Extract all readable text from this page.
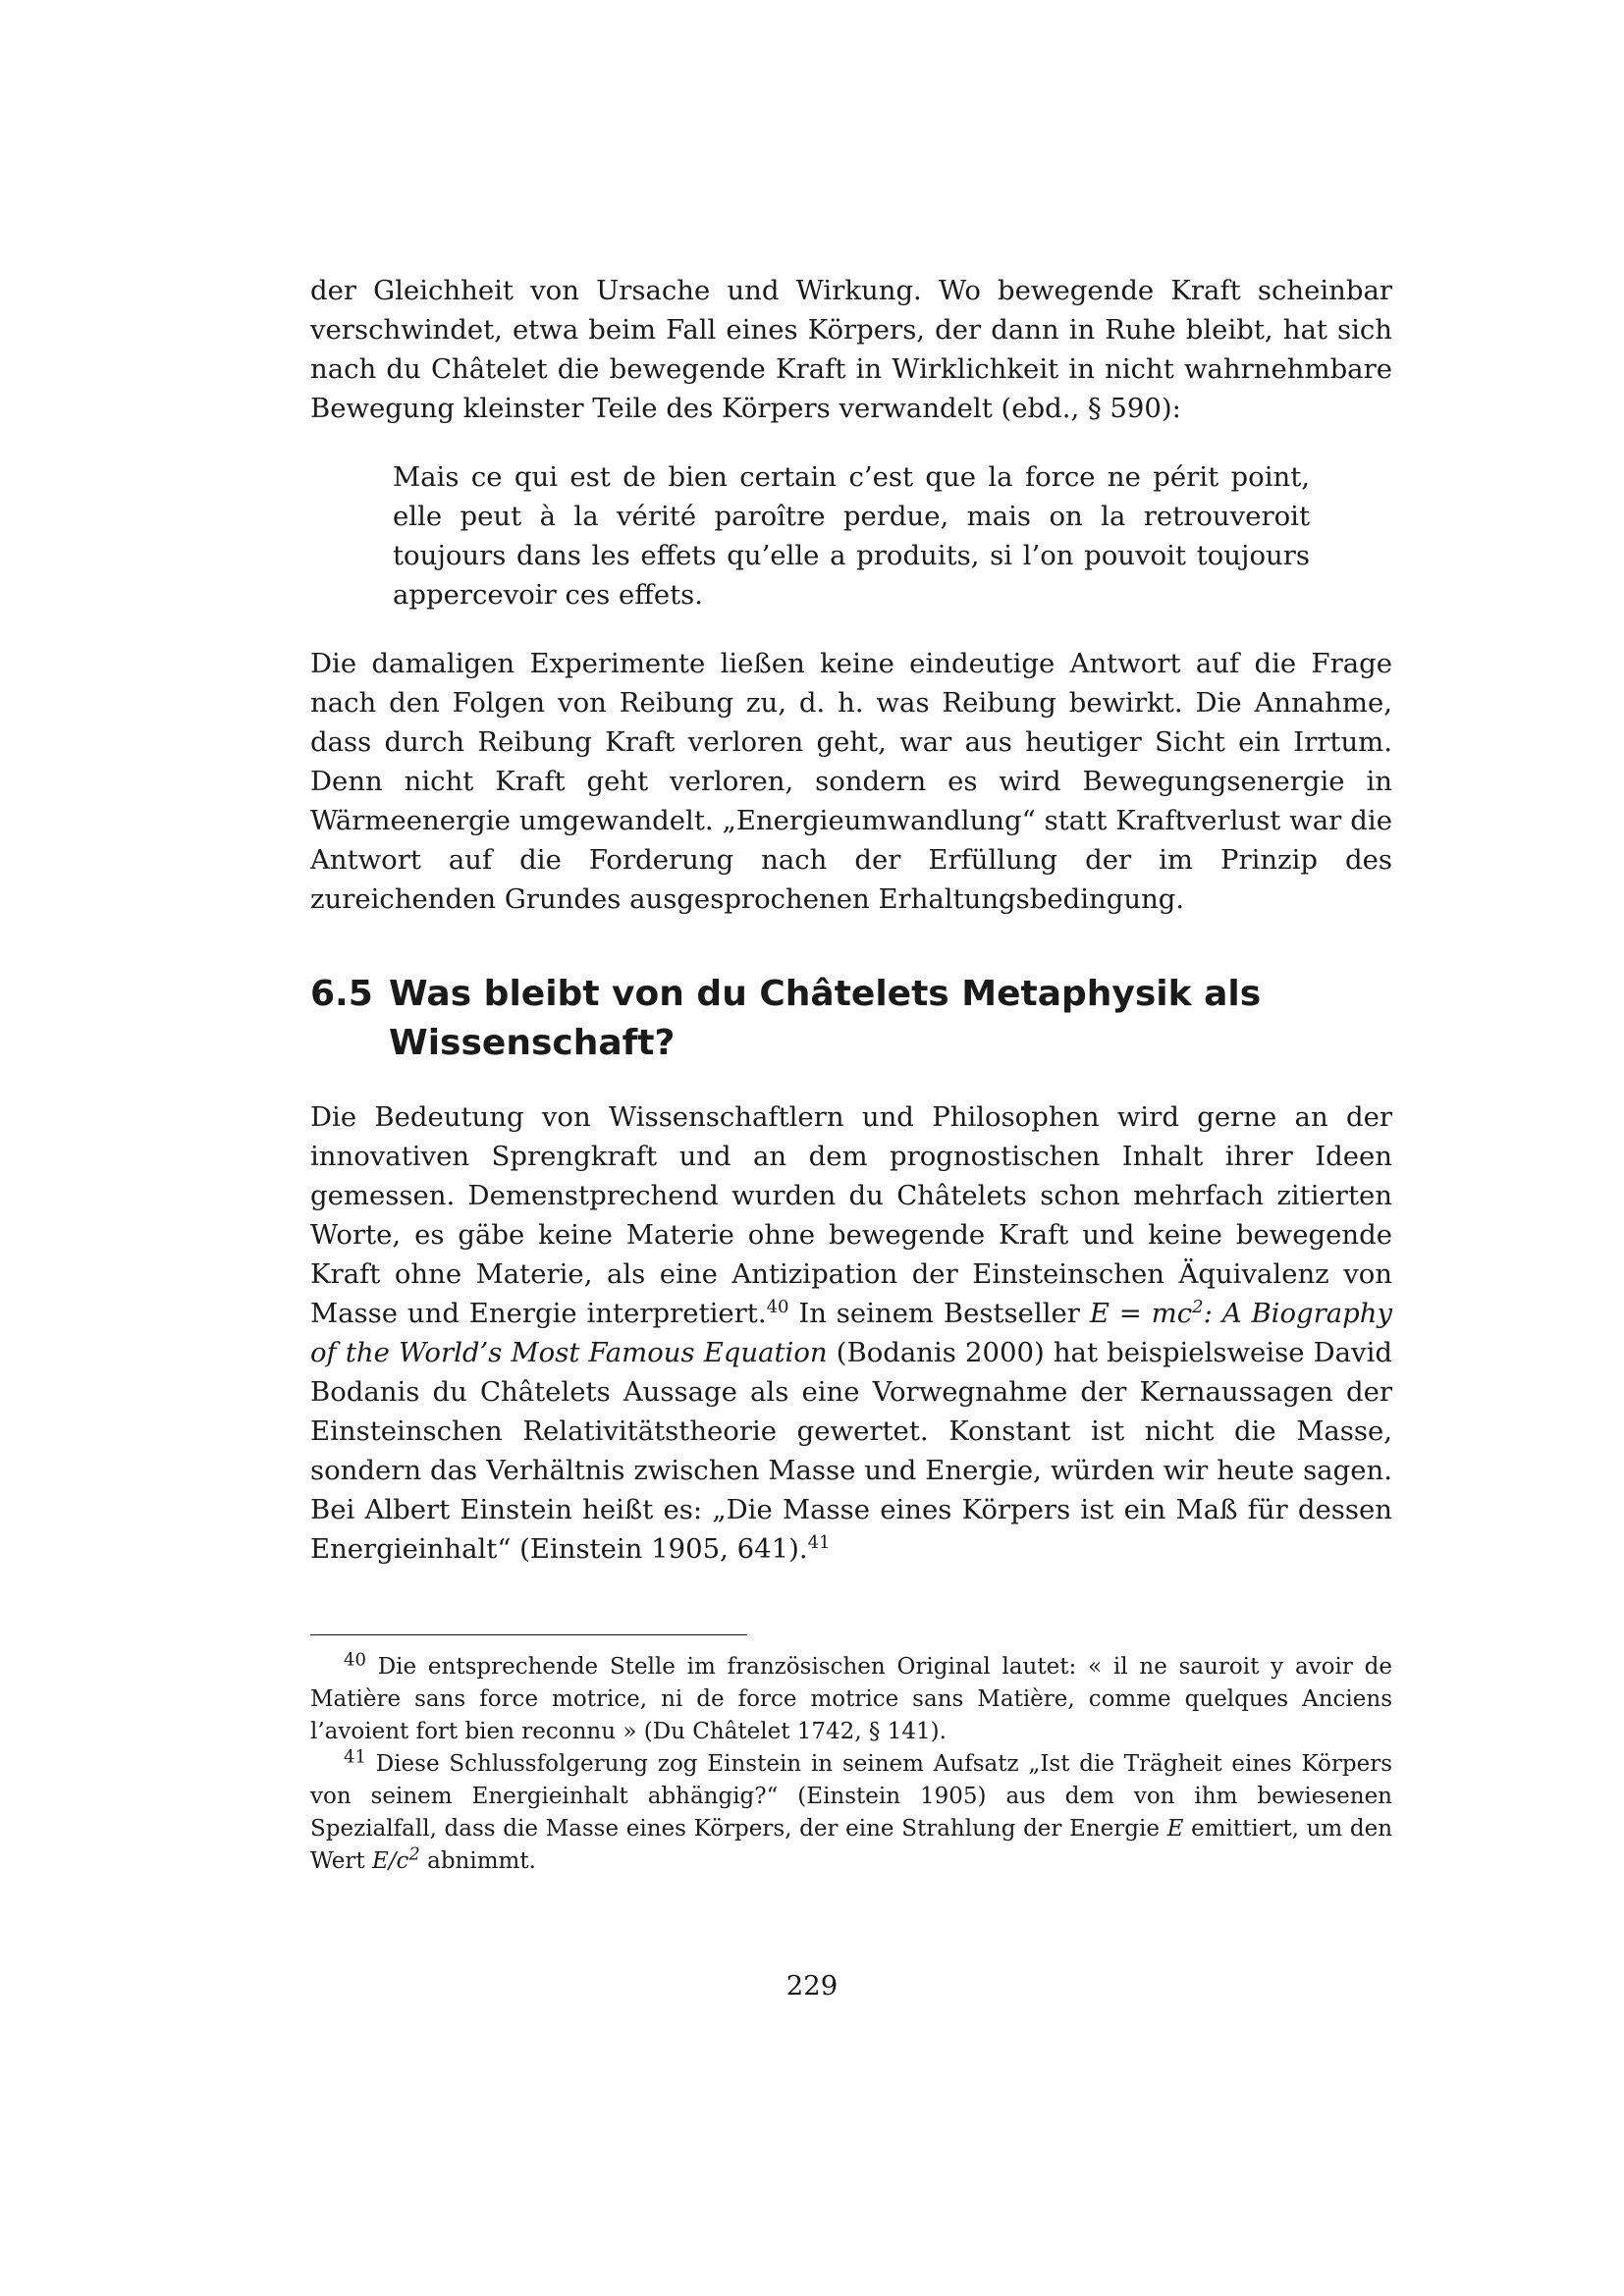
der Gleichheit von Ursache und Wirkung. Wo bewegende Kraft scheinbar verschwindet, etwa beim Fall eines Körpers, der dann in Ruhe bleibt, hat sich nach du Châtelet die bewegende Kraft in Wirklichkeit in nicht wahrnehmbare Bewegung kleinster Teile des Körpers verwandelt (ebd., § 590):

Mais ce qui est de bien certain c’est que la force ne périt point, elle peut à la vérité paroître perdue, mais on la retrouveroit toujours dans les effets qu’elle a produits, si l’on pouvoit toujours appercevoir ces effets.

Die damaligen Experimente ließen keine eindeutige Antwort auf die Frage nach den Folgen von Reibung zu, d. h. was Reibung bewirkt. Die Annahme, dass durch Reibung Kraft verloren geht, war aus heutiger Sicht ein Irrtum. Denn nicht Kraft geht verloren, sondern es wird Bewegungsenergie in Wärmeenergie umgewandelt. „Energieumwandlung“ statt Kraftverlust war die Antwort auf die Forderung nach der Erfüllung der im Prinzip des zureichenden Grundes ausgesprochenen Erhaltungsbedingung.

6.5 Was bleibt von du Châtelets Metaphysik als Wissenschaft?

Die Bedeutung von Wissenschaftlern und Philosophen wird gerne an der innovativen Sprengkraft und an dem prognostischen Inhalt ihrer Ideen gemessen. Demenstprechend wurden du Châtelets schon mehrfach zitierten Worte, es gäbe keine Materie ohne bewegende Kraft und keine bewegende Kraft ohne Materie, als eine Antizipation der Einsteinschen Äquivalenz von Masse und Energie interpretiert.$^{40}$ In seinem Bestseller $E = mc^2$: A Biography of the World’s Most Famous Equation (Bodanis 2000) hat beispielsweise David Bodanis du Châtelets Aussage als eine Vorwegnahme der Kernaussagen der Einsteinschen Relativitätstheorie gewertet. Konstant ist nicht die Masse, sondern das Verhältnis zwischen Masse und Energie, würden wir heute sagen. Bei Albert Einstein heißt es: „Die Masse eines Körpers ist ein Maß für dessen Energieinhalt“ (Einstein 1905, 641).$^{41}$

$^{40}$ Die entsprechende Stelle im französischen Original lautet: « il ne sauroit y avoir de Matière sans force motrice, ni de force motrice sans Matière, comme quelques Anciens l’avoient fort bien reconnu » (Du Châtelet 1742, § 141).

$^{41}$ Diese Schlussfolgerung zog Einstein in seinem Aufsatz „Ist die Trägheit eines Körpers von seinem Energieinhalt abhängig?“ (Einstein 1905) aus dem von ihm bewiesenen Spezialfall, dass die Masse eines Körpers, der eine Strahlung der Energie E emittiert, um den Wert $E/c^2$ abnimmt.

229
